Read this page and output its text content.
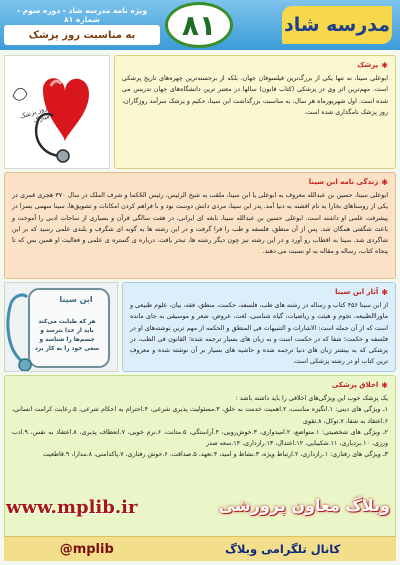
مدرسه شاد
۸۱
ویژه نامه مدرسه شاد - دوره سوم - شماره ۸۱
به مناسبت روز پزشک
✱
پزشک

ابوعلی سینا، نه تنها یکی از بزرگ‌ترین فیلسوفان جهان، بلکه از برجسته‌ترین چهره‌های تاریخ پزشکی است. مهم‌ترین اثر وی در پزشکی (کتاب قانون) سالها در معتبر ترین دانشگاه‌های جهان تدریس می شده است. اول شهریورماه هر سال، به مناسبت بزرگداشت ابن سینا، حکیم و پزشک سرآمد روزگاران، روز پزشک نامگذاری شده است.

روز پزشک مبارک
✱
زندگی نامه ابن سینا

ابوعلی سینا، حسین بن عبدالله معروف به ابوعلی یا ابن سینا، ملقب به شیخ الرئیس، رئیس الحُکما و شرف الملک در سال ۳۷۰ هجری قمری در یکی از روستاهای بخارا به نام افشنه به دنیا آمد. پدر ابن سینا، مردی دانش دوست بود و با فراهم کردن امکانات و تشویق‌ها، سینا سهمی بسزا در پیشرفت علمی او داشته است. ابوعلی حسین بن عبدالله سینا، نابغه ای ایرانی، در هفت سالگی قرآن و بسیاری از ساحات ادبی را آموخت و باعث شگفتی همگان شد. پس از آن منطق، فلسفه و طب را فرا گرفت و در این رشته ها به گونه ای شگرف و بلندی علمی رسید که بر این شاگردی شد. سینا به اقطاب رو آورد و در این رشته نیز چون دیگر رشته ها، تبحر یافت. درباره ی گستره ی علمی و فعالیت او همین بس که تا پنجاه کتاب، رساله و مقاله به او نسبت می دهند.

✱
آثار ابن سینا

از ابن سینا ۴۵۶ کتاب و رساله در رشته های طب، فلسفه، حکمت، منطق، فقه، بیان، علوم طبیعی و ماوراالطبیعه، نجوم و هیئت و ریاضیات، گیاه شناسی، لغت، عروض، شعر و موسیقی به جای مانده است که از آن جمله است: الاشارات و التنبیهات فی المنطق و الحکمه از مهم ترین نوشته‌های او در فلسفه و حکمت؛ شفا که در حکمت است و به زبان های بسیار ترجمه شده؛ القانون فی الطب، در پزشکی که به بیشتر زبان های دنیا ترجمه شده و حاشیه های بسیار بر آن نوشته شده و معروف ترین کتاب او در رشته پزشکی است.

ابن سینا
هر که طبابت می‌کند باید از خدا بترسد و جسم‌ها را شناسد و سعی خود را به کار برد
✱
اخلاق پزشکی

یک پزشک خوب این ویژگی‌های اخلاقی را باید داشته باشد :

۱ـ ویژگی های دینی: ۱.انگیزه مناسب، ۲.اهمیت خدمت به خلق، ۳.مسئولیت پذیری شرعی، ۴.احترام به احکام شرعی، ۵.رعایت کرامت انسانی، ۶.اعتقاد به شفا، ۷.توکل، ۸.تقوی

۲ـ ویژگی های شخصیتی: ۱.متواضع، ۲.امیدواری، ۳.خوش‌رویی، ۴.آراستگی، ۵.متانت، ۶.نرم خویی، ۷.انعطاف پذیری، ۸.اعتقاد به نفس، ۹.ادب ورزی، ۱۰.بردباری، ۱۱.شکیبایی، ۱۲.اعتدال، ۱۳.رازداری، ۱۴.سعه صدر

۳ـ ویژگی های رفتاری: ۱.رازداری، ۲.ارتباط ویژه، ۳.نشاط و امید، ۴.تعهد، ۵.صداقت، ۶.خوش رفتاری، ۷.پاکدامنی، ۸.مدارا، ۹.قاطعیت

www.mplib.ir	وبلاگ معاون پرورشی
کانال تلگرامی وبلاگ
@mplib
